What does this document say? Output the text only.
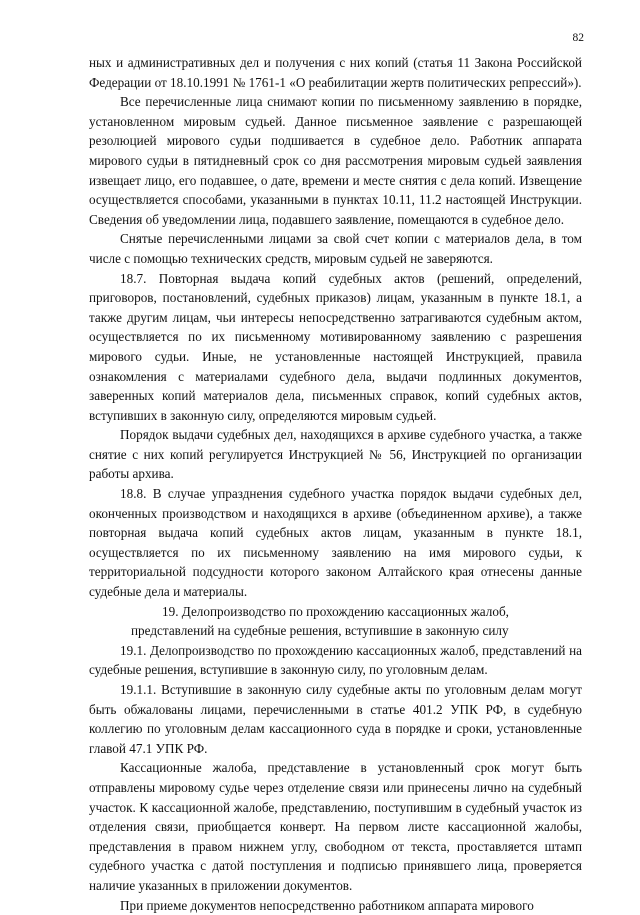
82

ных и административных дел и получения с них копий (статья 11 Закона Российской Федерации от 18.10.1991 № 1761-1 «О реабилитации жертв политических репрессий»).

Все перечисленные лица снимают копии по письменному заявлению в порядке, установленном мировым судьей. Данное письменное заявление с разрешающей резолюцией мирового судьи подшивается в судебное дело. Работник аппарата мирового судьи в пятидневный срок со дня рассмотрения мировым судьей заявления извещает лицо, его подавшее, о дате, времени и месте снятия с дела копий. Извещение осуществляется способами, указанными в пунктах 10.11, 11.2 настоящей Инструкции. Сведения об уведомлении лица, подавшего заявление, помещаются в судебное дело.

Снятые перечисленными лицами за свой счет копии с материалов дела, в том числе с помощью технических средств, мировым судьей не заверяются.

18.7. Повторная выдача копий судебных актов (решений, определений, приговоров, постановлений, судебных приказов) лицам, указанным в пункте 18.1, а также другим лицам, чьи интересы непосредственно затрагиваются судебным актом, осуществляется по их письменному мотивированному заявлению с разрешения мирового судьи. Иные, не установленные настоящей Инструкцией, правила ознакомления с материалами судебного дела, выдачи подлинных документов, заверенных копий материалов дела, письменных справок, копий судебных актов, вступивших в законную силу, определяются мировым судьей.

Порядок выдачи судебных дел, находящихся в архиве судебного участка, а также снятие с них копий регулируется Инструкцией № 56, Инструкцией по организации работы архива.

18.8. В случае упразднения судебного участка порядок выдачи судебных дел, оконченных производством и находящихся в архиве (объединенном архиве), а также повторная выдача копий судебных актов лицам, указанным в пункте 18.1, осуществляется по их письменному заявлению на имя мирового судьи, к территориальной подсудности которого законом Алтайского края отнесены данные судебные дела и материалы.

19. Делопроизводство по прохождению кассационных жалоб, представлений на судебные решения, вступившие в законную силу

19.1. Делопроизводство по прохождению кассационных жалоб, представлений на судебные решения, вступившие в законную силу, по уголовным делам.

19.1.1. Вступившие в законную силу судебные акты по уголовным делам могут быть обжалованы лицами, перечисленными в статье 401.2 УПК РФ, в судебную коллегию по уголовным делам кассационного суда в порядке и сроки, установленные главой 47.1 УПК РФ.

Кассационные жалоба, представление в установленный срок могут быть отправлены мировому судье через отделение связи или принесены лично на судебный участок. К кассационной жалобе, представлению, поступившим в судебный участок из отделения связи, приобщается конверт. На первом листе кассационной жалобы, представления в правом нижнем углу, свободном от текста, проставляется штамп судебного участка с датой поступления и подписью принявшего лица, проверяется наличие указанных в приложении документов.

При приеме документов непосредственно работником аппарата мирового
